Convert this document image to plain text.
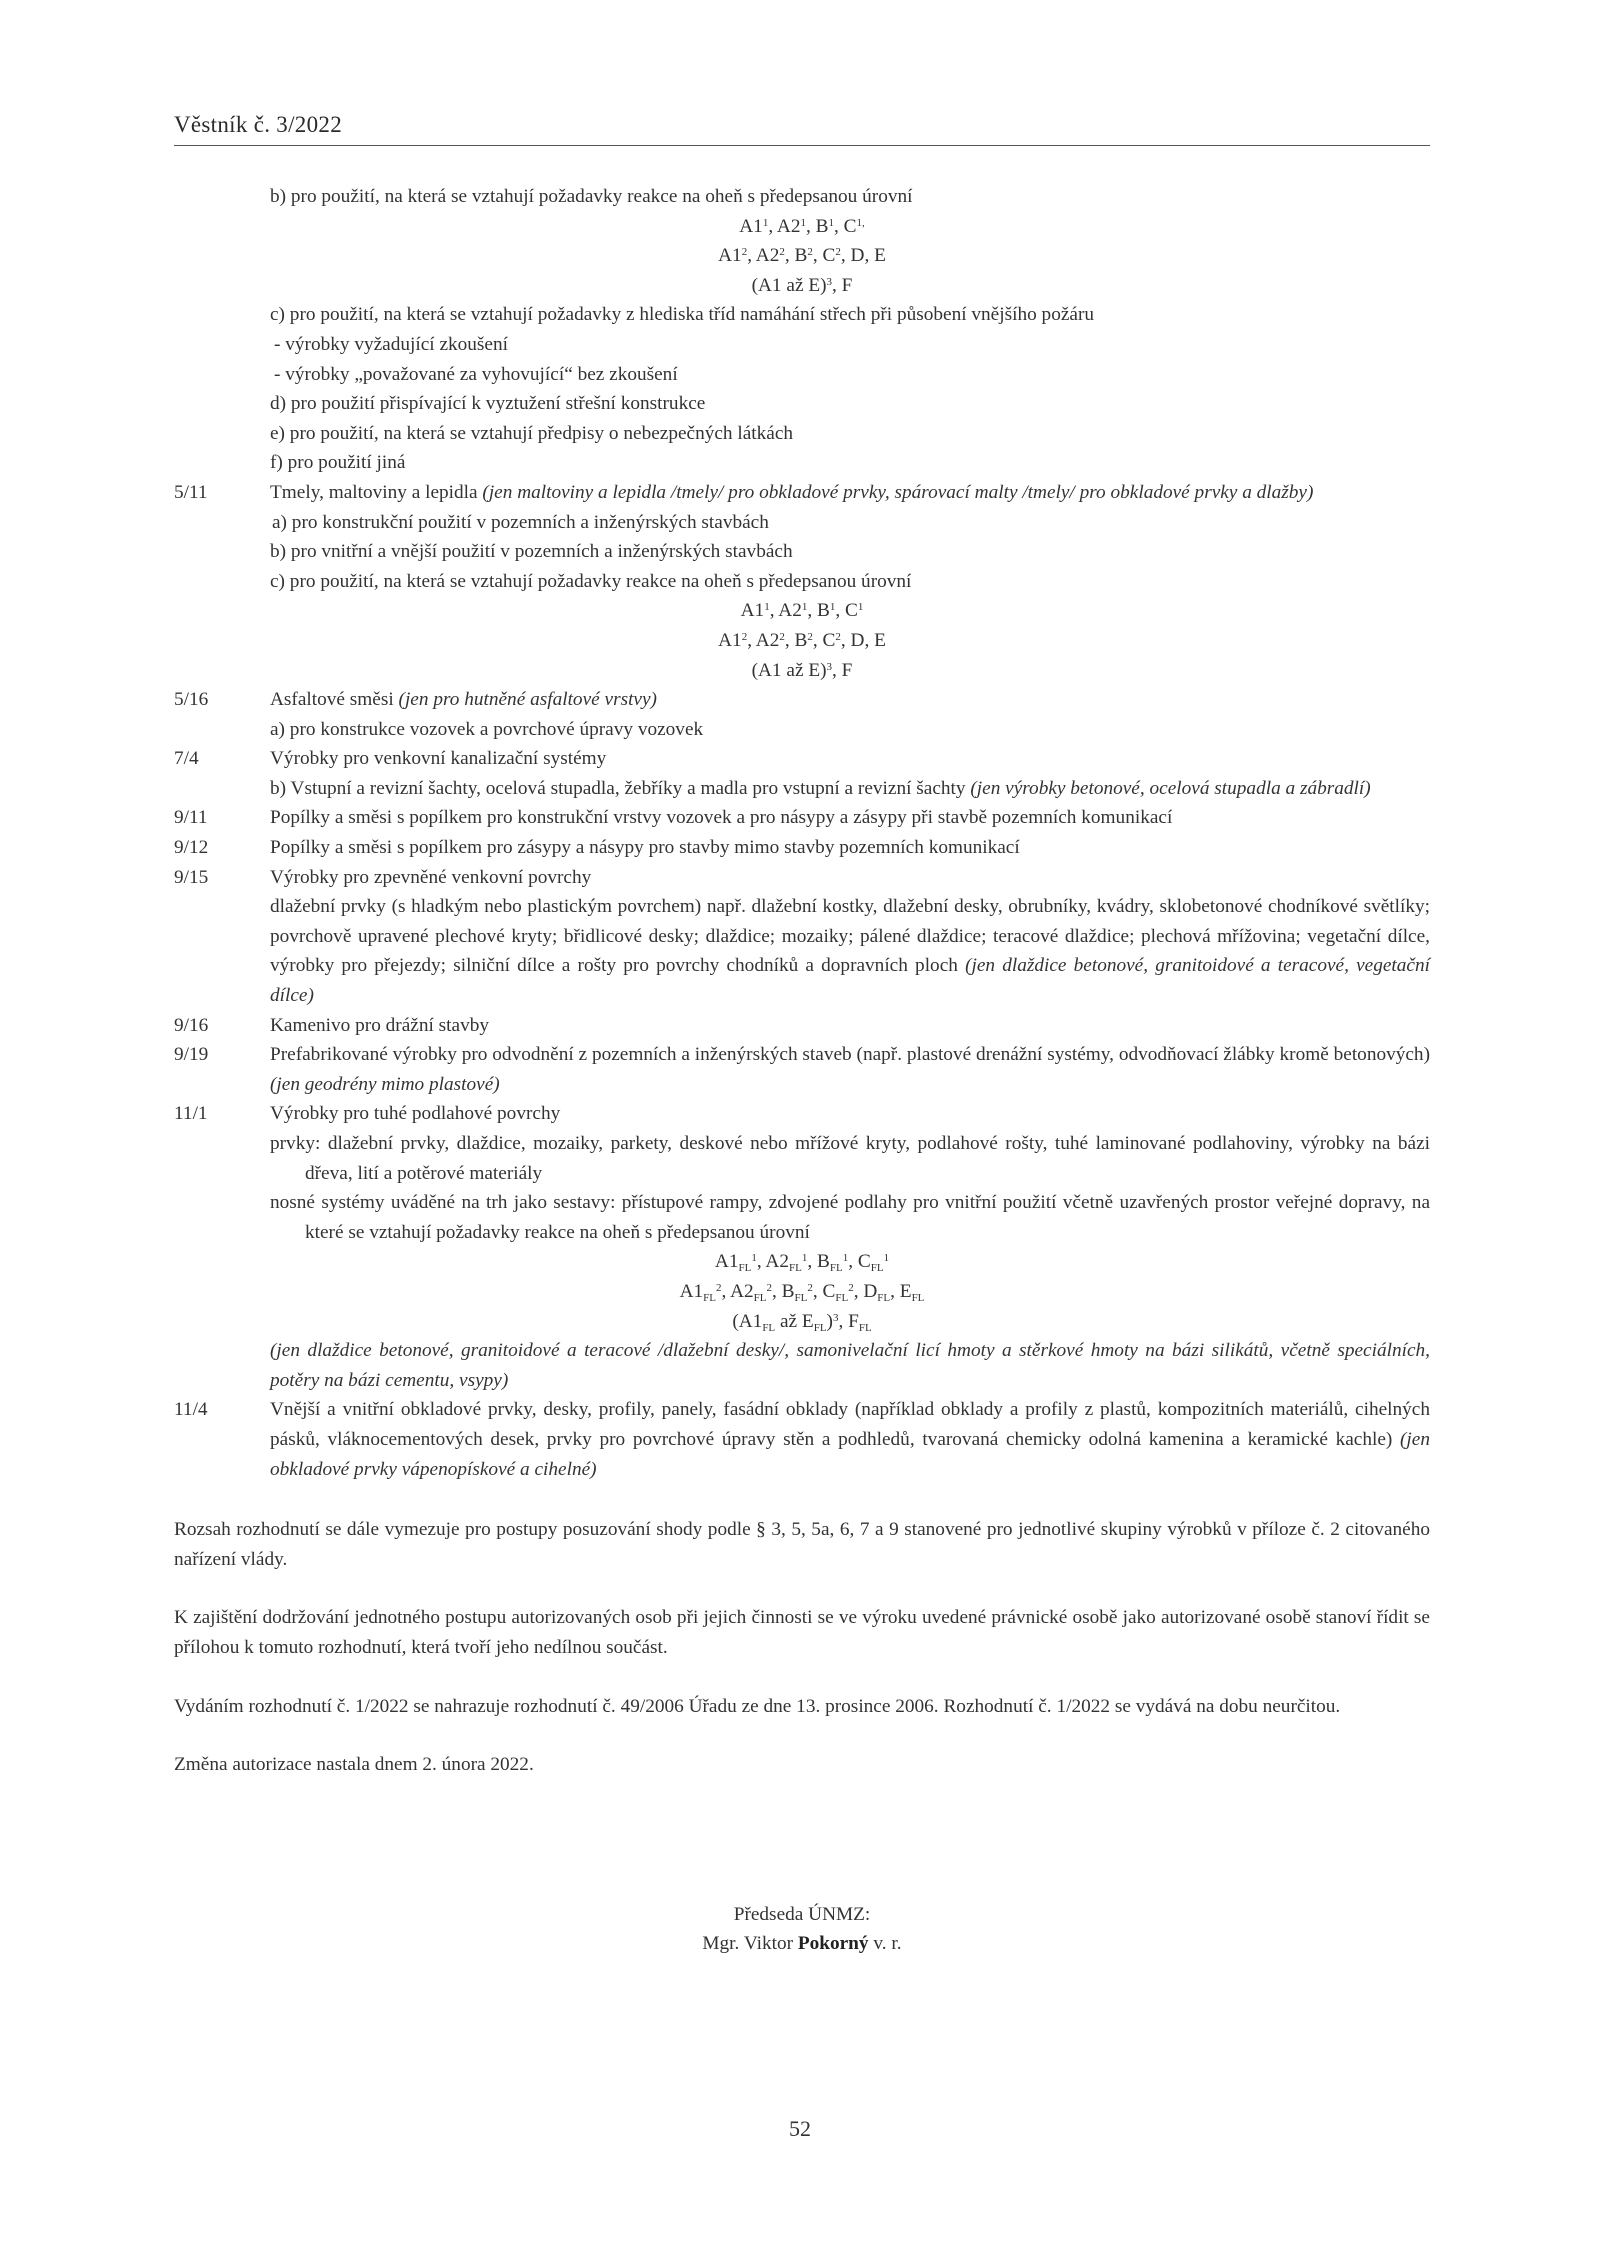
Věstník č. 3/2022
b) pro použití, na která se vztahují požadavky reakce na oheň s předepsanou úrovní
$A1^1$, $A2^1$, $B^1$, $C^{1,}$
$A1^2$, $A2^2$, $B^2$, $C^2$, D, E
(A1 až E)$^3$, F
c) pro použití, na která se vztahují požadavky z hlediska tříd namáhání střech při působení vnějšího požáru
- výrobky vyžadující zkoušení
- výrobky „považované za vyhovující“ bez zkoušení
d) pro použití přispívající k vyztužení střešní konstrukce
e) pro použití, na která se vztahují předpisy o nebezpečných látkách
f) pro použití jiná
5/11	Tmely, maltoviny a lepidla (jen maltoviny a lepidla /tmely/ pro obkladové prvky, spárovací malty /tmely/ pro obkladové prvky a dlažby)
a) pro konstrukční použití v pozemních a inženýrských stavbách
b) pro vnitřní a vnější použití v pozemních a inženýrských stavbách
c) pro použití, na která se vztahují požadavky reakce na oheň s předepsanou úrovní
$A1^1$, $A2^1$, $B^1$, $C^1$
$A1^2$, $A2^2$, $B^2$, $C^2$, D, E
(A1 až E)$^3$, F
5/16	Asfaltové směsi (jen pro hutněné asfaltové vrstvy)
a) pro konstrukce vozovek a povrchové úpravy vozovek
7/4	Výrobky pro venkovní kanalizační systémy
b) Vstupní a revizní šachty, ocelová stupadla, žebříky a madla pro vstupní a revizní šachty (jen výrobky betonové, ocelová stupadla a zábradlí)
9/11	Popílky a směsi s popílkem pro konstrukční vrstvy vozovek a pro násypy a zásypy při stavbě pozemních komunikací
9/12	Popílky a směsi s popílkem pro zásypy a násypy pro stavby mimo stavby pozemních komunikací
9/15	Výrobky pro zpevněné venkovní povrchy
dlažební prvky (s hladkým nebo plastickým povrchem) např. dlažební kostky, dlažební desky, obrubníky, kvádry, sklobetonové chodníkové světlíky; povrchově upravené plechové kryty; břidlicové desky; dlaždice; mozaiky; pálené dlaždice; teracové dlaždice; plechová mřížovina; vegetační dílce, výrobky pro přejezdy; silniční dílce a rošty pro povrchy chodníků a dopravních ploch (jen dlaždice betonové, granitoidové a teracové, vegetační dílce)
9/16	Kamenivo pro drážní stavby
9/19	Prefabrikované výrobky pro odvodnění z pozemních a inženýrských staveb (např. plastové drenážní systémy, odvodňovací žlábky kromě betonových) (jen geodrény mimo plastové)
11/1	Výrobky pro tuhé podlahové povrchy
prvky: dlažební prvky, dlaždice, mozaiky, parkety, deskové nebo mřížové kryty, podlahové rošty, tuhé laminované podlahoviny, výrobky na bázi dřeva, lití a potěrové materiály
nosné systémy uváděné na trh jako sestavy: přístupové rampy, zdvojené podlahy pro vnitřní použití včetně uzavřených prostor veřejné dopravy, na které se vztahují požadavky reakce na oheň s předepsanou úrovní
$A1_{FL}^1$, $A2_{FL}^1$, $B_{FL}^1$, $C_{FL}^1$
$A1_{FL}^2$, $A2_{FL}^2$, $B_{FL}^2$, $C_{FL}^2$, $D_{FL}$, $E_{FL}$
($A1_{FL}$ až $E_{FL})^3$, $F_{FL}$
(jen dlaždice betonové, granitoidové a teracové /dlažební desky/, samonivelační licí hmoty a stěrkové hmoty na bázi silikátů, včetně speciálních, potěry na bázi cementu, vsypy)
11/4	Vnější a vnitřní obkladové prvky, desky, profily, panely, fasádní obklady (například obklady a profily z plastů, kompozitních materiálů, cihelných pásků, vláknocementových desek, prvky pro povrchové úpravy stěn a podhledů, tvarovaná chemicky odolná kamenina a keramické kachle) (jen obkladové prvky vápenopískové a cihelné)
Rozsah rozhodnutí se dále vymezuje pro postupy posuzování shody podle § 3, 5, 5a, 6, 7 a 9 stanovené pro jednotlivé skupiny výrobků v příloze č. 2 citovaného nařízení vlády.
K zajištění dodržování jednotného postupu autorizovaných osob při jejich činnosti se ve výroku uvedené právnické osobě jako autorizované osobě stanoví řídit se přílohou k tomuto rozhodnutí, která tvoří jeho nedílnou součást.
Vydáním rozhodnutí č. 1/2022 se nahrazuje rozhodnutí č. 49/2006 Úřadu ze dne 13. prosince 2006. Rozhodnutí č. 1/2022 se vydává na dobu neurčitou.
Změna autorizace nastala dnem 2. února 2022.
Předseda ÚNMZ:
Mgr. Viktor Pokorný v. r.
52
